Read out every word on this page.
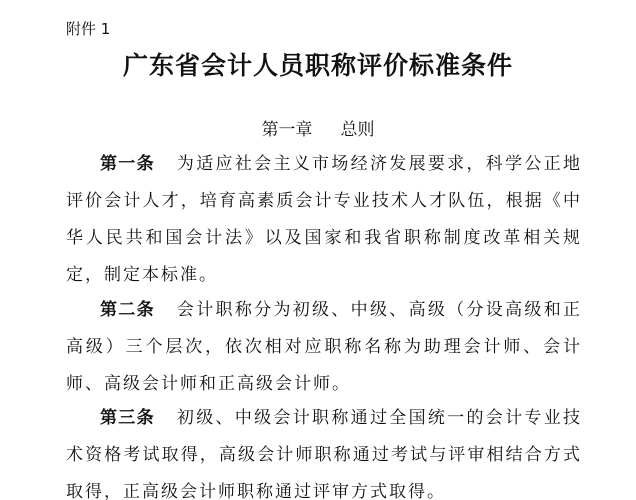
附件 1
广东省会计人员职称评价标准条件
第一章 总则

第一条 为适应社会主义市场经济发展要求，科学公正地评价会计人才，培育高素质会计专业技术人才队伍，根据《中华人民共和国会计法》以及国家和我省职称制度改革相关规定，制定本标准。

第二条 会计职称分为初级、中级、高级（分设高级和正高级）三个层次，依次相对应职称名称为助理会计师、会计师、高级会计师和正高级会计师。

第三条 初级、中级会计职称通过全国统一的会计专业技术资格考试取得，高级会计师职称通过考试与评审相结合方式取得，正高级会计师职称通过评审方式取得。
